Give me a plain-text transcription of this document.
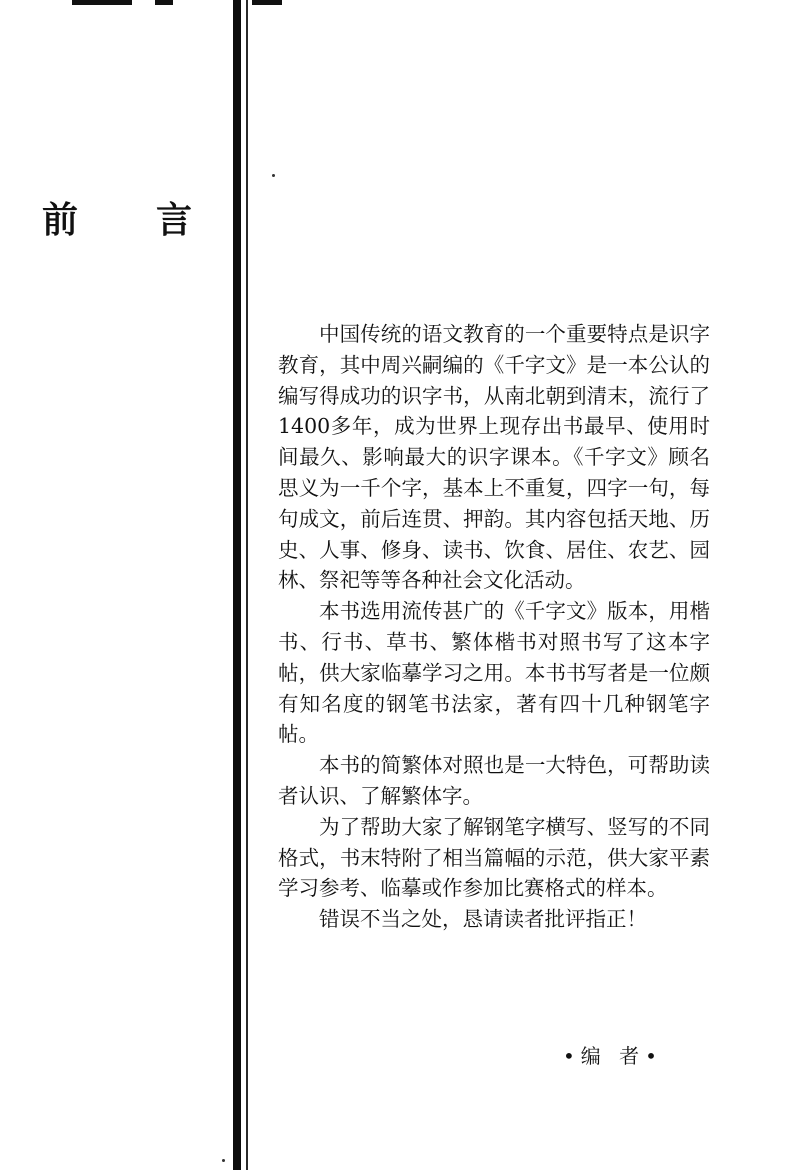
前 言

中国传统的语文教育的一个重要特点是识字教育，其中周兴嗣编的《千字文》是一本公认的编写得成功的识字书，从南北朝到清末，流行了1400多年，成为世界上现存出书最早、使用时间最久、影响最大的识字课本。《千字文》顾名思义为一千个字，基本上不重复，四字一句，每句成文，前后连贯、押韵。其内容包括天地、历史、人事、修身、读书、饮食、居住、农艺、园林、祭祀等等各种社会文化活动。

本书选用流传甚广的《千字文》版本，用楷书、行书、草书、繁体楷书对照书写了这本字帖，供大家临摹学习之用。本书书写者是一位颇有知名度的钢笔书法家，著有四十几种钢笔字帖。

本书的简繁体对照也是一大特色，可帮助读者认识、了解繁体字。

为了帮助大家了解钢笔字横写、竖写的不同格式，书末特附了相当篇幅的示范，供大家平素学习参考、临摹或作参加比赛格式的样本。

错误不当之处，恳请读者批评指正！

•编 者•
